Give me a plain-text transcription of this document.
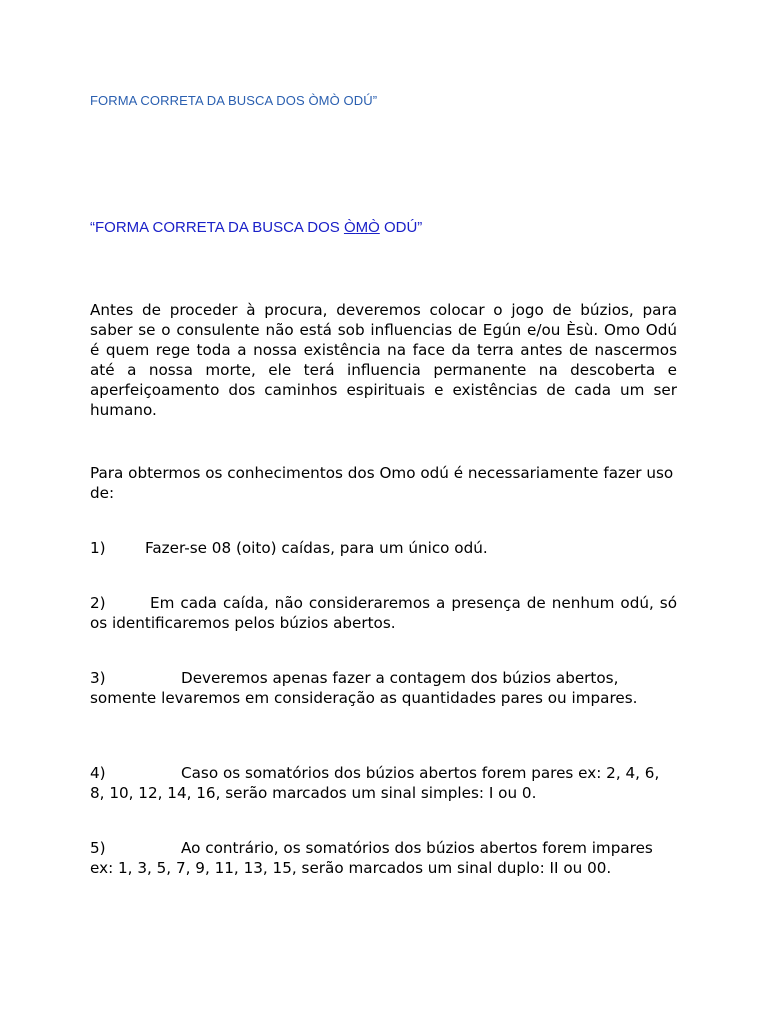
FORMA CORRETA DA BUSCA DOS ÒMÒ ODÚ”
“FORMA CORRETA DA BUSCA DOS ÒMÒ ODÚ”

Antes de proceder à procura, deveremos colocar o jogo de búzios, para saber se o consulente não está sob influencias de Egún e/ou Èsù. Omo Odú é quem rege toda a nossa existência na face da terra antes de nascermos até a nossa morte, ele terá influencia permanente na descoberta e aperfeiçoamento dos caminhos espirituais e existências de cada um ser humano.

Para obtermos os conhecimentos dos Omo odú é necessariamente fazer uso de:

1)	Fazer-se 08 (oito) caídas, para um único odú.

2)	Em cada caída, não consideraremos a presença de nenhum odú, só os identificaremos pelos búzios abertos.

3)	Deveremos apenas fazer a contagem dos búzios abertos, somente levaremos em consideração as quantidades pares ou impares.

4)	Caso os somatórios dos búzios abertos forem pares ex: 2, 4, 6, 8, 10, 12, 14, 16, serão marcados um sinal simples: I ou 0.

5)	Ao contrário, os somatórios dos búzios abertos forem impares ex: 1, 3, 5, 7, 9, 11, 13, 15, serão marcados um sinal duplo: II ou 00.
